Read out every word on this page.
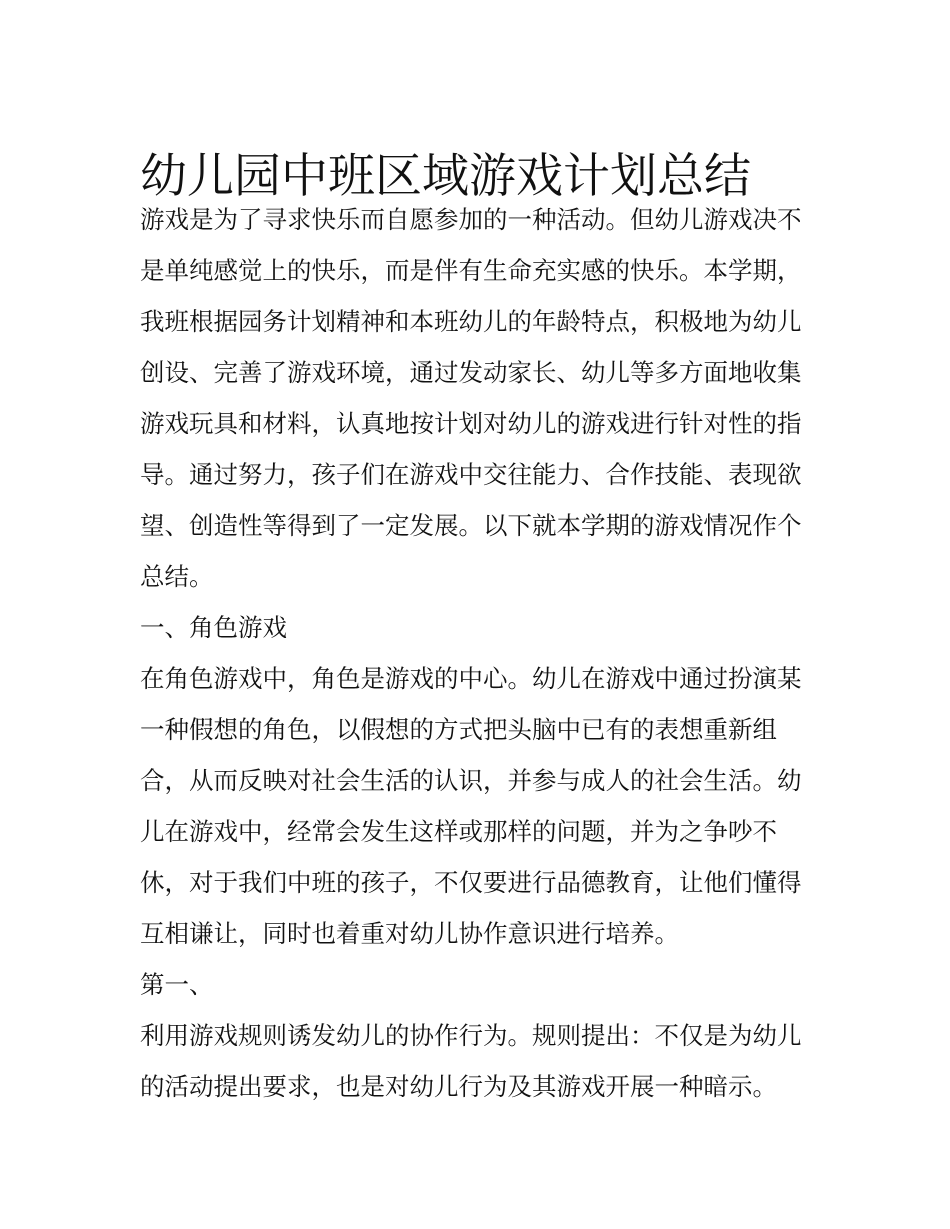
幼儿园中班区域游戏计划总结
游戏是为了寻求快乐而自愿参加的一种活动。但幼儿游戏决不
是单纯感觉上的快乐，而是伴有生命充实感的快乐。本学期，
我班根据园务计划精神和本班幼儿的年龄特点，积极地为幼儿
创设、完善了游戏环境，通过发动家长、幼儿等多方面地收集
游戏玩具和材料，认真地按计划对幼儿的游戏进行针对性的指
导。通过努力，孩子们在游戏中交往能力、合作技能、表现欲
望、创造性等得到了一定发展。以下就本学期的游戏情况作个
总结。
一、角色游戏
在角色游戏中，角色是游戏的中心。幼儿在游戏中通过扮演某
一种假想的角色，以假想的方式把头脑中已有的表想重新组
合，从而反映对社会生活的认识，并参与成人的社会生活。幼
儿在游戏中，经常会发生这样或那样的问题，并为之争吵不
休，对于我们中班的孩子，不仅要进行品德教育，让他们懂得
互相谦让，同时也着重对幼儿协作意识进行培养。
第一、
利用游戏规则诱发幼儿的协作行为。规则提出：不仅是为幼儿
的活动提出要求，也是对幼儿行为及其游戏开展一种暗示。
